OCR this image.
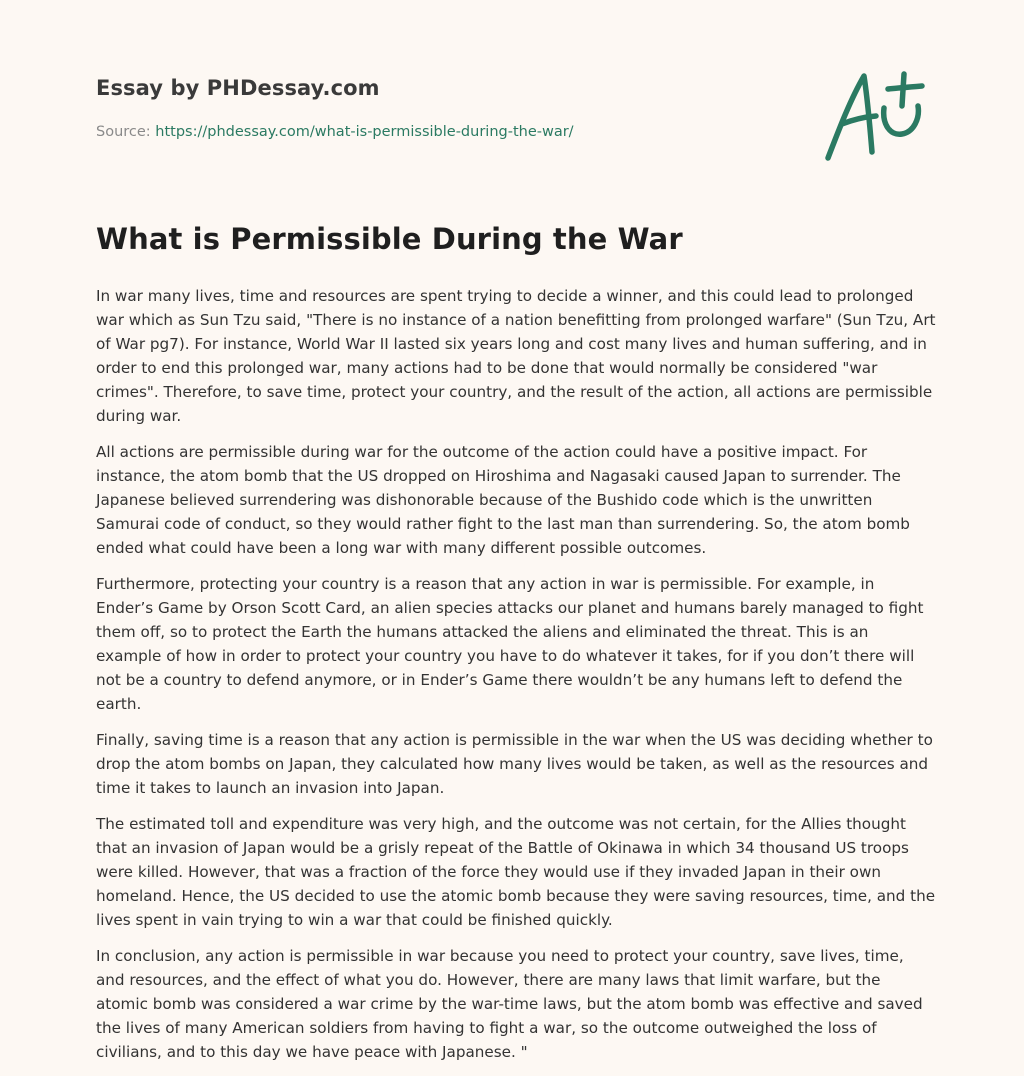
Essay by PHDessay.com
Source: https://phdessay.com/what-is-permissible-during-the-war/
What is Permissible During the War

In war many lives, time and resources are spent trying to decide a winner, and this could lead to prolonged war which as Sun Tzu said, "There is no instance of a nation benefitting from prolonged warfare" (Sun Tzu, Art of War pg7). For instance, World War II lasted six years long and cost many lives and human suffering, and in order to end this prolonged war, many actions had to be done that would normally be considered "war crimes". Therefore, to save time, protect your country, and the result of the action, all actions are permissible during war.

All actions are permissible during war for the outcome of the action could have a positive impact. For instance, the atom bomb that the US dropped on Hiroshima and Nagasaki caused Japan to surrender. The Japanese believed surrendering was dishonorable because of the Bushido code which is the unwritten Samurai code of conduct, so they would rather fight to the last man than surrendering. So, the atom bomb ended what could have been a long war with many different possible outcomes.

Furthermore, protecting your country is a reason that any action in war is permissible. For example, in Ender’s Game by Orson Scott Card, an alien species attacks our planet and humans barely managed to fight them off, so to protect the Earth the humans attacked the aliens and eliminated the threat. This is an example of how in order to protect your country you have to do whatever it takes, for if you don’t there will not be a country to defend anymore, or in Ender’s Game there wouldn’t be any humans left to defend the earth.

Finally, saving time is a reason that any action is permissible in the war when the US was deciding whether to drop the atom bombs on Japan, they calculated how many lives would be taken, as well as the resources and time it takes to launch an invasion into Japan.

The estimated toll and expenditure was very high, and the outcome was not certain, for the Allies thought that an invasion of Japan would be a grisly repeat of the Battle of Okinawa in which 34 thousand US troops were killed. However, that was a fraction of the force they would use if they invaded Japan in their own homeland. Hence, the US decided to use the atomic bomb because they were saving resources, time, and the lives spent in vain trying to win a war that could be finished quickly.

In conclusion, any action is permissible in war because you need to protect your country, save lives, time, and resources, and the effect of what you do. However, there are many laws that limit warfare, but the atomic bomb was considered a war crime by the war-time laws, but the atom bomb was effective and saved the lives of many American soldiers from having to fight a war, so the outcome outweighed the loss of civilians, and to this day we have peace with Japanese. "
